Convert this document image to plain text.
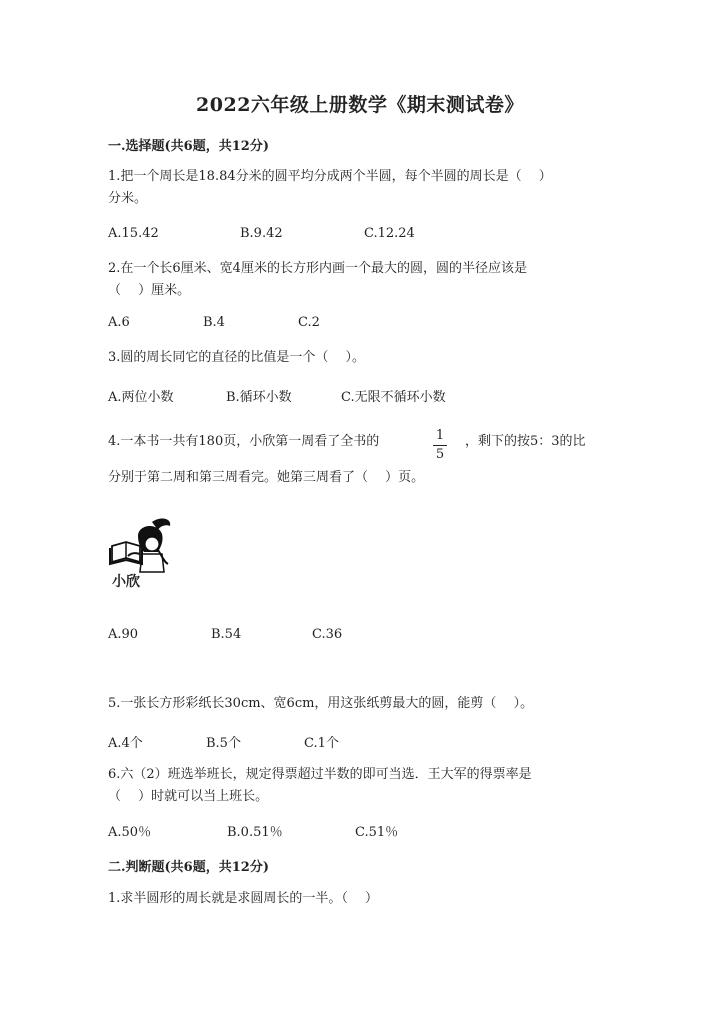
2022六年级上册数学《期末测试卷》
一.选择题(共6题，共12分)
1.把一个周长是18.84分米的圆平均分成两个半圆，每个半圆的周长是（　 ）
分米。
A.15.42	B.9.42	C.12.24
2.在一个长6厘米、宽4厘米的长方形内画一个最大的圆，圆的半径应该是
（　 ）厘米。
A.6	B.4	C.2
3.圆的周长同它的直径的比值是一个（　 ）。
A.两位小数	B.循环小数	C.无限不循环小数
4.一本书一共有180页，小欣第一周看了全书的	1
5
，剩下的按5：3的比
分别于第二周和第三周看完。她第三周看了（　 ）页。
小欣
A.90	B.54	C.36
5.一张长方形彩纸长30cm、宽6cm，用这张纸剪最大的圆，能剪（　 ）。
A.4个	B.5个	C.1个
6.六（2）班选举班长，规定得票超过半数的即可当选．王大军的得票率是
（　 ）时就可以当上班长。
A.50％	B.0.51％	C.51％
二.判断题(共6题，共12分)
1.求半圆形的周长就是求圆周长的一半。（　 ）
